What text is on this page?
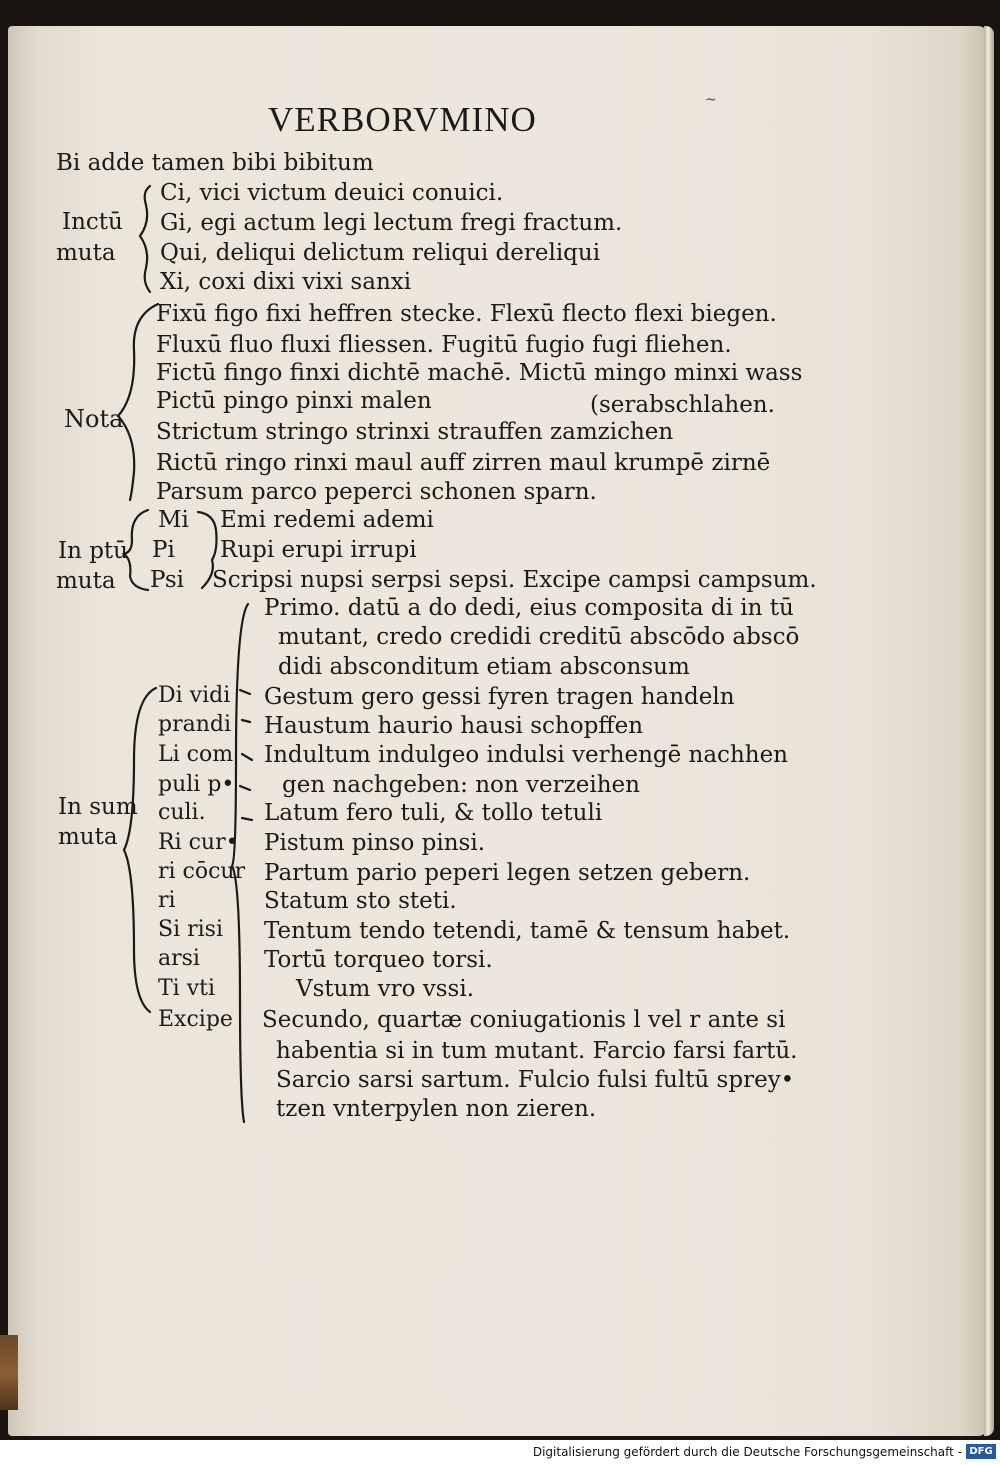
VERBORVMINO	~
Bi adde tamen bibi bibitum
Inctū
muta
Ci, vici victum deuici conuici.
Gi, egi actum legi lectum fregi fractum.
Qui, deliqui delictum reliqui dereliqui
Xi, coxi dixi vixi sanxi
Nota
Fixū figo fixi heffren stecke. Flexū flecto flexi biegen.
Fluxū fluo fluxi fliessen. Fugitū fugio fugi fliehen.
Fictū fingo finxi dichtē machē. Mictū mingo minxi wass
Pictū pingo pinxi malen	(serabschlahen.
Strictum stringo strinxi strauffen zamzichen
Rictū ringo rinxi maul auff zirren maul krumpē zirnē
Parsum parco peperci schonen sparn.
In ptū
muta
Mi
Pi
Psi
Emi redemi ademi
Rupi erupi irrupi
Scripsi nupsi serpsi sepsi. Excipe campsi campsum.
In sum
muta
Di vidi
prandi
Li com
puli p•
culi.
Ri cur•
ri cōcur
ri
Si risi
arsi
Ti vti
Excipe
Primo. datū a do dedi, eius composita di in tū
mutant, credo credidi creditū abscōdo abscō
didi absconditum etiam absconsum
Gestum gero gessi fyren tragen handeln
Haustum haurio hausi schopffen
Indultum indulgeo indulsi verhengē nachhen
gen nachgeben: non verzeihen
Latum fero tuli, & tollo tetuli
Pistum pinso pinsi.
Partum pario peperi legen setzen gebern.
Statum sto steti.
Tentum tendo tetendi, tamē & tensum habet.
Tortū torqueo torsi.
Vstum vro vssi.
Secundo, quartæ coniugationis l vel r ante si
habentia si in tum mutant. Farcio farsi fartū.
Sarcio sarsi sartum. Fulcio fulsi fultū sprey•
tzen vnterpylen non zieren.
Digitalisierung gefördert durch die Deutsche Forschungsgemeinschaft - DFG
